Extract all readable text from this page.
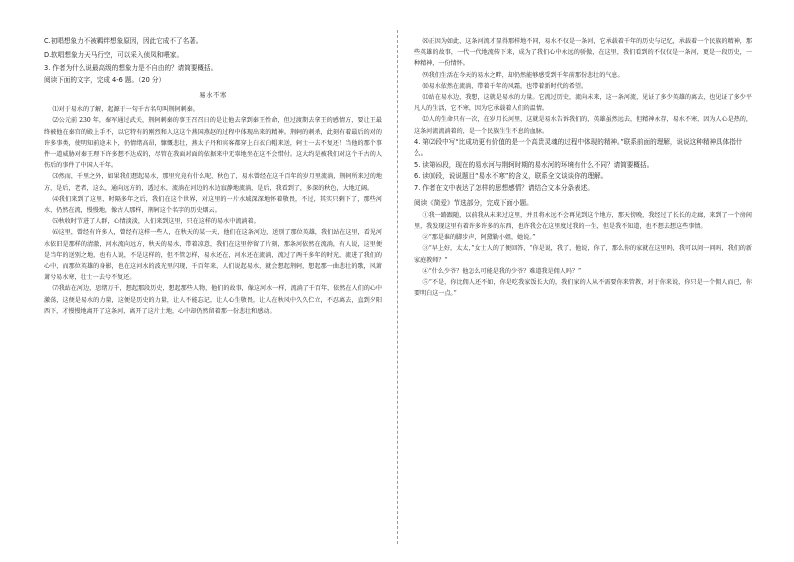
C.初唱想象力不被羁绊想象原因，因此它成不了名著。

D.软唱想象力天马行空，可以采入侦凤和喂家。

3. 作者为什么说最高级的想象力是不自由的？请简要概括。

阅读下面的文字，完成 4-6 题。（20 分）

易水不寒

⑴对于易水的了解，起源于一句千古名句叫荆轲刺秦。

⑵公元前 230 年，秦军通过武关，荆轲刺秦的事王召召日的是让他去拿到秦王性命，但过渡期去拿王的感情方，要让王最终被他在秦宫的殿上手不，以它特有的刚烈和人这这个燕国燕赵的过程中体现出来的精神。荆轲的刺杀，此刻有着最后的对的许多事类，使明知前途未卜，仍情绪高昂，慷慨悲壮，燕太子丹和宾客都穿上白衣白帽来送，轲士一去不复还！当他的那个事件一道威胁对秦王理下许多想不达成的，尽管在我面对面的依据来中无辜地坐在这不会惜付。这大约是被我们对这个千古的人伤后的事件了中国人千年。

⑶然而，千里之外，如果我们想起易水，那里究竟有什么呢，秋色了，易水曾经在这千百年的岁月里流淌，荆轲所来过的地方，是后，老者，这么，通向远方的，透过水，流淌在河边的水边寂静地流淌，是后，我看到了，多深的秋色，大地辽阔。

⑷我们来到了这里，时隔多年之后，我们在这个世界，对这里的一片水域深深地怀着敬畏，不过，其实只剩下了，那些河水，仍然在流，慢慢地，像古人那样，荆轲这个名字的历史烟云。

⑸秋收时节进了人群，心情淡淡，人们来到这里，只在这样的易水中流淌着。

⑹这里，曾经有许多人，曾经有这样一些人，在秋天的某一天，他们在这条河边，送别了那位英雄，我们站在这里，看见河水依旧是那样的清澈，河水流向远方，秋天的易水，带着凉意，我们在这里停留了片刻，那条河依然在流淌，有人说，这里便是当年的送别之地，也有人说，不是这样的，但不管怎样，易水还在，河水还在流淌，流过了两千多年的时光，流进了我们的心中，而那位英雄的身影，也在这河水的波光里闪现，千百年来，人们说起易水，就会想起荆轲，想起那一曲悲壮的歌，风萧萧兮易水寒，壮士一去兮不复还。

⑺我站在河边，思绪万千，想起那段历史，想起那些人物，他们的故事，像这河水一样，流淌了千百年，依然在人们的心中激荡，这便是易水的力量，这便是历史的力量，让人不能忘记，让人心生敬畏，让人在秋风中久久伫立，不忍离去，直到夕阳西下，才慢慢地离开了这条河，离开了这片土地，心中却仍然留着那一份悲壮和感动。

⑻正因为如此，这条河流才显得那样地不同，易水不仅是一条河，它承载着千年的历史与记忆，承载着一个民族的精神，那些英雄的故事，一代一代地流传下来，成为了我们心中永远的骄傲，在这里，我们看到的不仅仅是一条河，更是一段历史，一种精神，一份情怀。

⑼我们生活在今天的易水之畔，却仍然能够感受到千年前那份悲壮的气息。

⑽易水依然在流淌，带着千年的风霜，也带着新时代的希望。

⑾站在易水边，我想，这就是易水的力量。它流过历史，流向未来，这一条河流，见证了多少英雄的离去，也见证了多少平凡人的生活，它不寒，因为它承载着人们的温情。

⑿人的生命只有一次，在岁月长河里，这就是易水告诉我们的，英雄虽然远去，但精神永存，易水不寒，因为人心是热的，这条河流流淌着的，是一个民族生生不息的血脉。

4. 第⑵段中写“比成功更有价值的是一个高贵灵魂的过程中体现的精神。”联系前面的理解，说说这种精神具体指什么。

5. 读第⑹段，现在的易水河与荆轲时期的易水河的环境有什么不同？请简要概括。

6. 读⑽段，说说题目“易水不寒”的含义，联系全文谈谈你的理解。

7. 作者在文中表达了怎样的思想感情？请结合文本分条表述。

阅读《简爱》节选部分，完成下面小题。

①我一路跟随，以前我从未来过这里，并且将永远不会再见到这个地方，那天傍晚，我经过了长长的走廊，来到了一个房间里，我发现这里有着许多许多的东西，也许我会在这里度过我的一生，但是我不知道，也不想去想这些事情。

②“那是谁的脚步声，阿黛勒小姐，她说。”

③“早上好，太太，”女士人的了便回答，“你是说，我了，他说，你了，那么你的家就在这里吗，我可以问一问吗，我们的新家庭教师？”

④“什么少爷？他怎么可能是我的少爷？难道我是佣人吗？”

⑤“不是，你比佣人还不如，你是吃我家饭长大的，我们家的人从不需要你来管教，对于你来说，你只是一个佣人而已，你要明白这一点。”
